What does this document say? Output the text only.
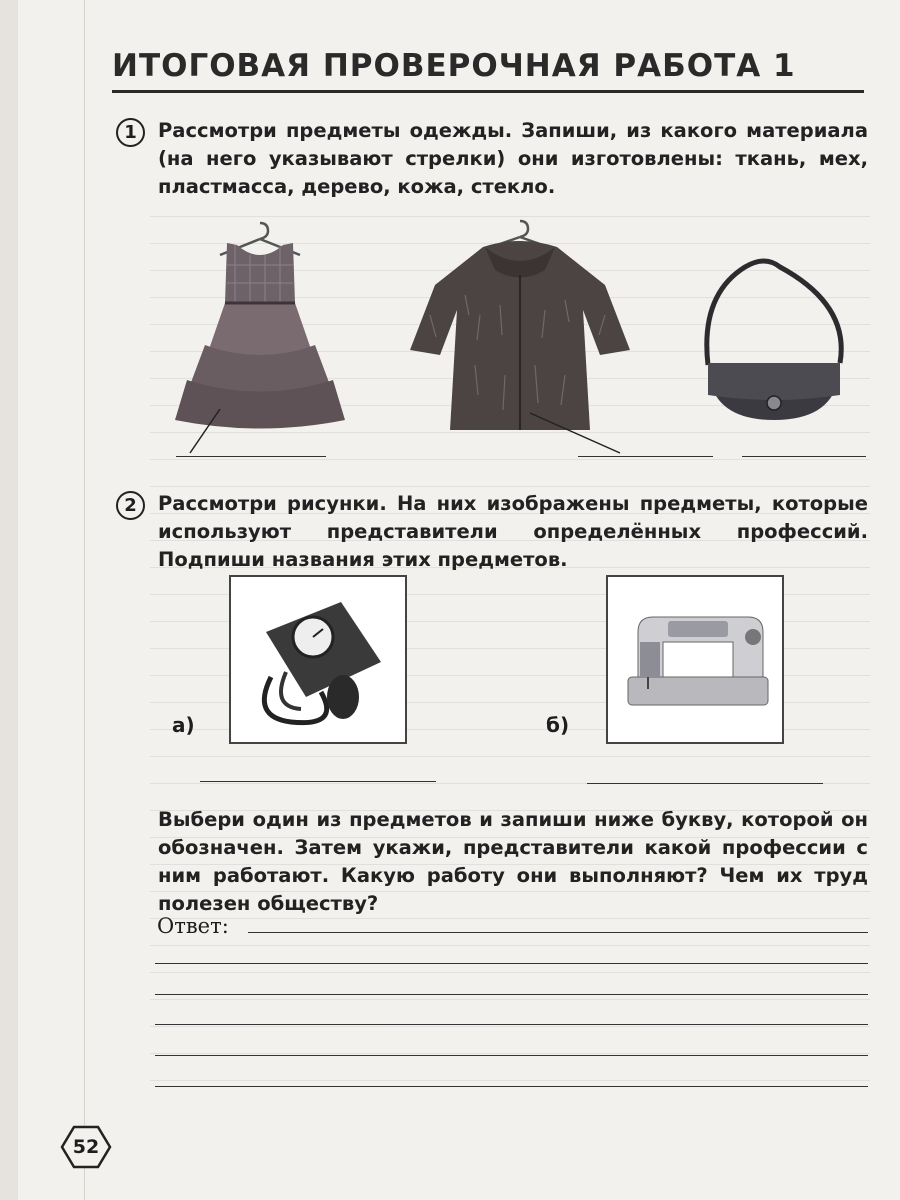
ИТОГОВАЯ ПРОВЕРОЧНАЯ РАБОТА 1
1	Рассмотри предметы одежды. Запиши, из какого материала (на него указывают стрелки) они изготовлены: ткань, мех, пластмасса, дерево, кожа, стекло.

2	Рассмотри рисунки. На них изображены предметы, которые используют представители определённых профессий. Подпиши названия этих предметов.

а)	б)

Выбери один из предметов и запиши ниже букву, которой он обозначен. Затем укажи, представители какой профессии с ним работают. Какую работу они выполняют? Чем их труд полезен обществу?

Ответ:
52
